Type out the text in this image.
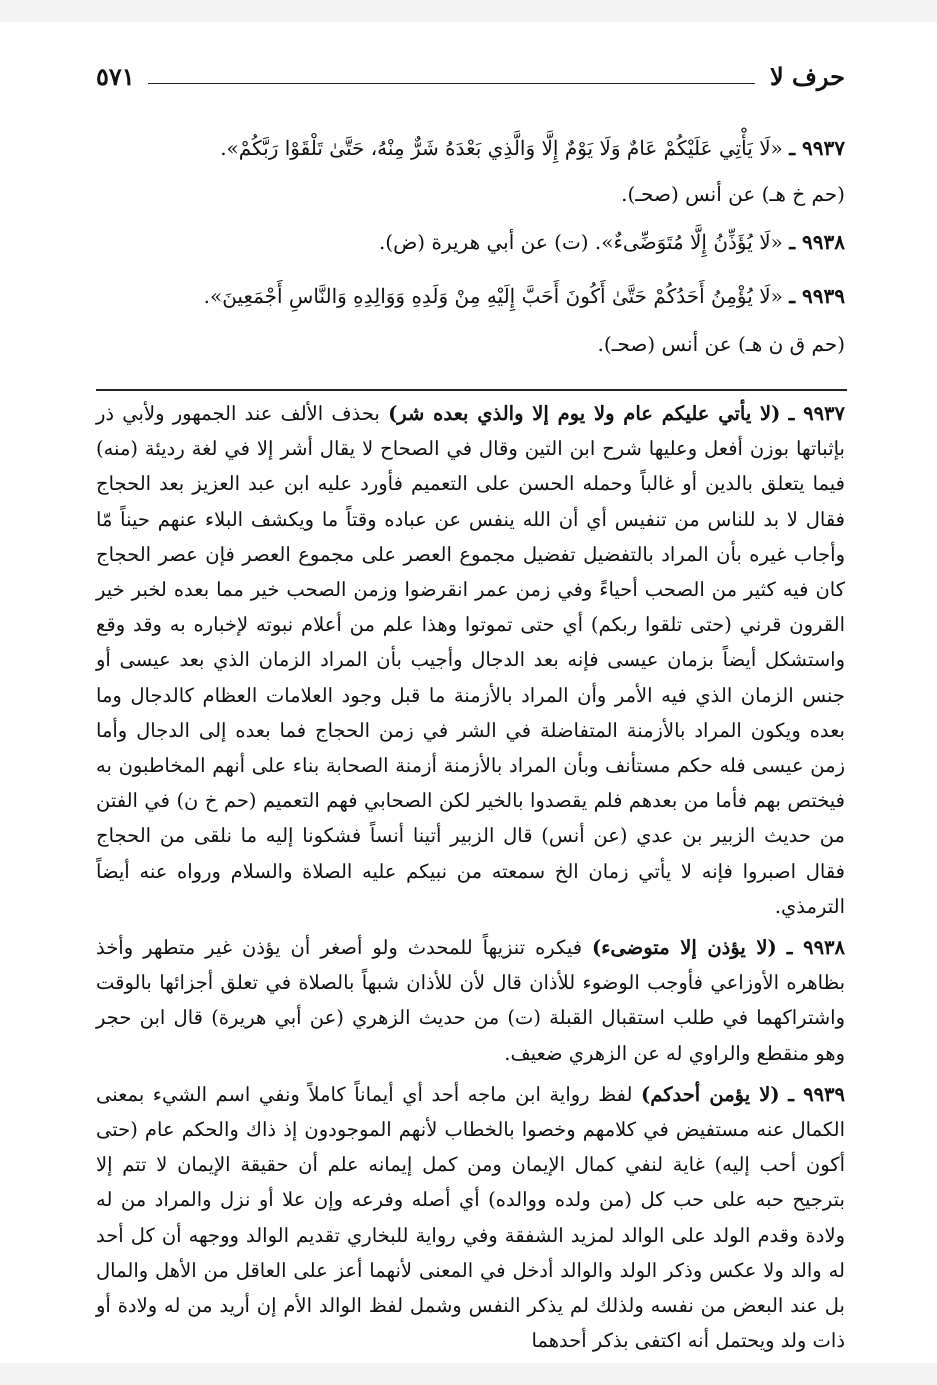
حرف لا
٥٧١
٩٩٣٧ ـ «لَا يَأْتِي عَلَيْكُمْ عَامٌ وَلَا يَوْمٌ إِلَّا وَالَّذِي بَعْدَهُ شَرٌّ مِنْهُ، حَتَّىٰ تَلْقَوْا رَبَّكُمْ».
(حم خ هـ) عن أنس (صحـ).
٩٩٣٨ ـ «لَا يُؤَذِّنُ إِلَّا مُتَوَضِّىءٌ». (ت) عن أبي هريرة (ض).
٩٩٣٩ ـ «لَا يُؤْمِنُ أَحَدُكُمْ حَتَّىٰ أَكُونَ أَحَبَّ إِلَيْهِ مِنْ وَلَدِهِ وَوَالِدِهِ وَالنَّاسِ أَجْمَعِينَ».
(حم ق ن هـ) عن أنس (صحـ).

٩٩٣٧ ـ (لا يأتي عليكم عام ولا يوم إلا والذي بعده شر) بحذف الألف عند الجمهور ولأبي ذر بإثباتها بوزن أفعل وعليها شرح ابن التين وقال في الصحاح لا يقال أشر إلا في لغة رديئة (منه) فيما يتعلق بالدين أو غالباً وحمله الحسن على التعميم فأورد عليه ابن عبد العزيز بعد الحجاج فقال لا بد للناس من تنفيس أي أن الله ينفس عن عباده وقتاً ما ويكشف البلاء عنهم حيناً مّا وأجاب غيره بأن المراد بالتفضيل تفضيل مجموع العصر على مجموع العصر فإن عصر الحجاج كان فيه كثير من الصحب أحياءً وفي زمن عمر انقرضوا وزمن الصحب خير مما بعده لخبر خير القرون قرني (حتى تلقوا ربكم) أي حتى تموتوا وهذا علم من أعلام نبوته لإخباره به وقد وقع واستشكل أيضاً بزمان عيسى فإنه بعد الدجال وأجيب بأن المراد الزمان الذي بعد عيسى أو جنس الزمان الذي فيه الأمر وأن المراد بالأزمنة ما قبل وجود العلامات العظام كالدجال وما بعده ويكون المراد بالأزمنة المتفاضلة في الشر في زمن الحجاج فما بعده إلى الدجال وأما زمن عيسى فله حكم مستأنف وبأن المراد بالأزمنة أزمنة الصحابة بناء على أنهم المخاطبون به فيختص بهم فأما من بعدهم فلم يقصدوا بالخير لكن الصحابي فهم التعميم (حم خ ن) في الفتن من حديث الزبير بن عدي (عن أنس) قال الزبير أتينا أنساً فشكونا إليه ما نلقى من الحجاج فقال اصبروا فإنه لا يأتي زمان الخ سمعته من نبيكم عليه الصلاة والسلام ورواه عنه أيضاً الترمذي.

٩٩٣٨ ـ (لا يؤذن إلا متوضىء) فيكره تنزيهاً للمحدث ولو أصغر أن يؤذن غير متطهر وأخذ بظاهره الأوزاعي فأوجب الوضوء للأذان قال لأن للأذان شبهاً بالصلاة في تعلق أجزائها بالوقت واشتراكهما في طلب استقبال القبلة (ت) من حديث الزهري (عن أبي هريرة) قال ابن حجر وهو منقطع والراوي له عن الزهري ضعيف.

٩٩٣٩ ـ (لا يؤمن أحدكم) لفظ رواية ابن ماجه أحد أي أيماناً كاملاً ونفي اسم الشيء بمعنى الكمال عنه مستفيض في كلامهم وخصوا بالخطاب لأنهم الموجودون إذ ذاك والحكم عام (حتى أكون أحب إليه) غاية لنفي كمال الإيمان ومن كمل إيمانه علم أن حقيقة الإيمان لا تتم إلا بترجيح حبه على حب كل (من ولده ووالده) أي أصله وفرعه وإن علا أو نزل والمراد من له ولادة وقدم الولد على الوالد لمزيد الشفقة وفي رواية للبخاري تقديم الوالد ووجهه أن كل أحد له والد ولا عكس وذكر الولد والوالد أدخل في المعنى لأنهما أعز على العاقل من الأهل والمال بل عند البعض من نفسه ولذلك لم يذكر النفس وشمل لفظ الوالد الأم إن أريد من له ولادة أو ذات ولد ويحتمل أنه اكتفى بذكر أحدهما
